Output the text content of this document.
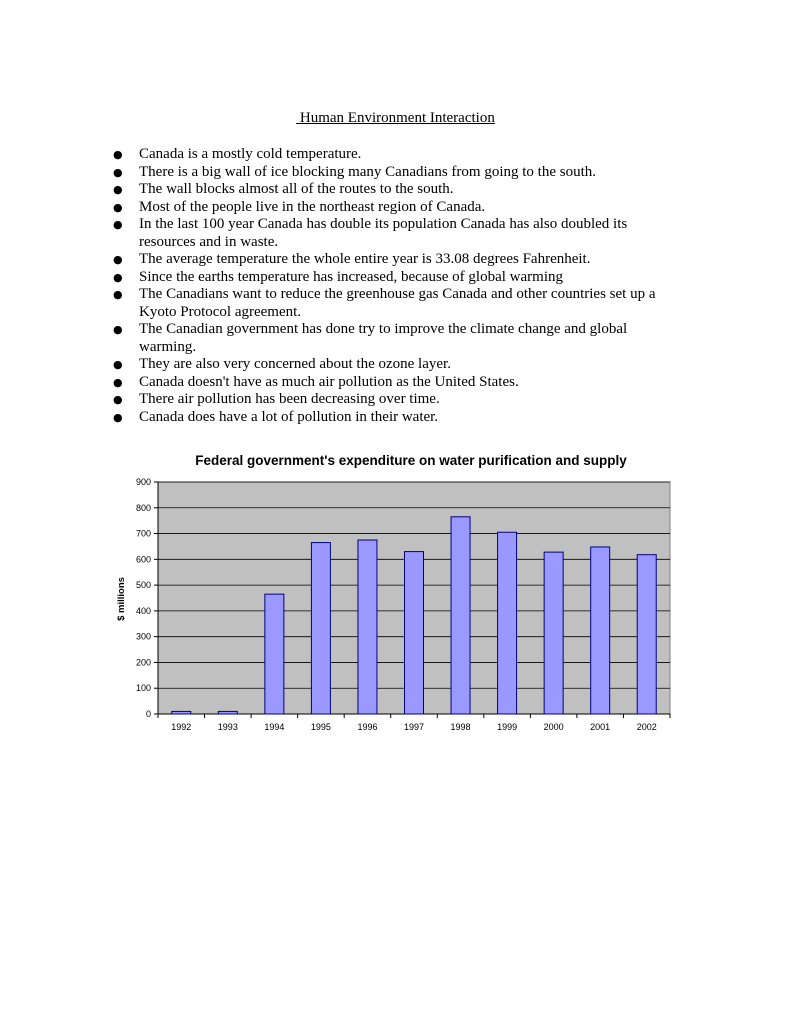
Human Environment Interaction
● Canada is a mostly cold temperature.
● There is a big wall of ice blocking many Canadians from going to the south.
● The wall blocks almost all of the routes to the south.
● Most of the people live in the northeast region of Canada.
● In the last 100 year Canada has double its population Canada has also doubled its resources and in waste.
● The average temperature the whole entire year is 33.08 degrees Fahrenheit.
● Since the earths temperature has increased, because of global warming
● The Canadians want to reduce the greenhouse gas Canada and other countries set up a Kyoto Protocol agreement.
● The Canadian government has done try to improve the climate change and global warming.
● They are also very concerned about the ozone layer.
● Canada doesn't have as much air pollution as the United States.
● There air pollution has been decreasing over time.
● Canada does have a lot of pollution in their water.
Federal government's expenditure on water purification and supply
0
100
200
300
400
500
600
700
800
900
1992	1993	1994	1995	1996	1997	1998	1999	2000	2001	2002
$ millions
